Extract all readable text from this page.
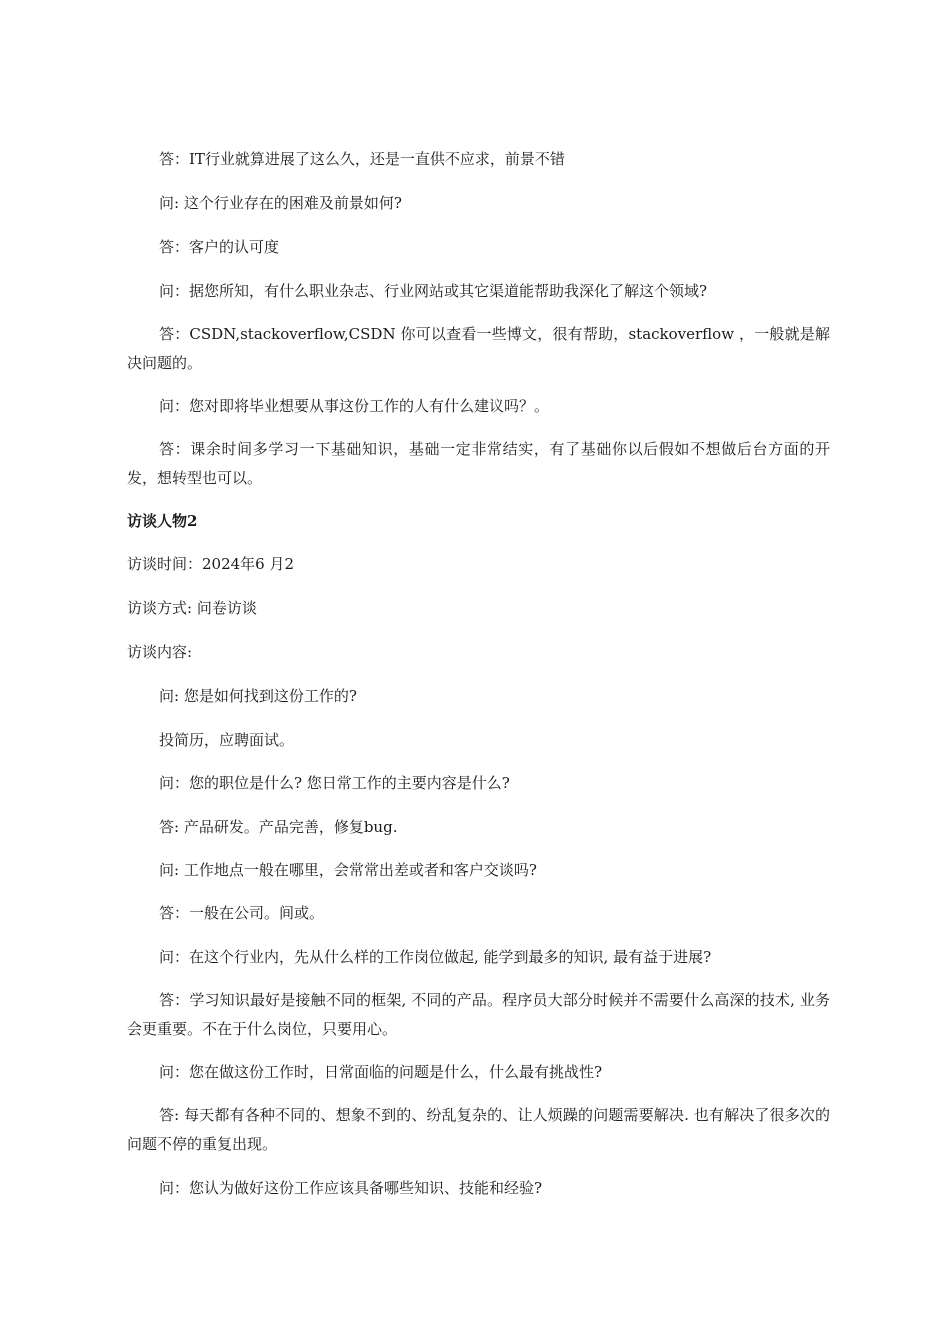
答：IT行业就算进展了这么久，还是一直供不应求，前景不错

问: 这个行业存在的困难及前景如何?

答：客户的认可度

问：据您所知，有什么职业杂志、行业网站或其它渠道能帮助我深化了解这个领域?

答：CSDN,stackoverflow,CSDN 你可以查看一些博文，很有帮助，stackoverflow ，一般就是解决问题的。

问：您对即将毕业想要从事这份工作的人有什么建议吗？。

答：课余时间多学习一下基础知识，基础一定非常结实，有了基础你以后假如不想做后台方面的开发，想转型也可以。

访谈人物2

访谈时间：2024年6 月2

访谈方式: 问卷访谈

访谈内容:

问: 您是如何找到这份工作的?

投简历，应聘面试。

问：您的职位是什么? 您日常工作的主要内容是什么?

答: 产品研发。产品完善，修复bug.

问: 工作地点一般在哪里，会常常出差或者和客户交谈吗?

答：一般在公司。间或。

问：在这个行业内，先从什么样的工作岗位做起, 能学到最多的知识, 最有益于进展?

答：学习知识最好是接触不同的框架, 不同的产品。程序员大部分时候并不需要什么高深的技术, 业务会更重要。不在于什么岗位，只要用心。

问：您在做这份工作时，日常面临的问题是什么，什么最有挑战性?

答: 每天都有各种不同的、想象不到的、纷乱复杂的、让人烦躁的问题需要解决. 也有解决了很多次的问题不停的重复出现。

问：您认为做好这份工作应该具备哪些知识、技能和经验?
